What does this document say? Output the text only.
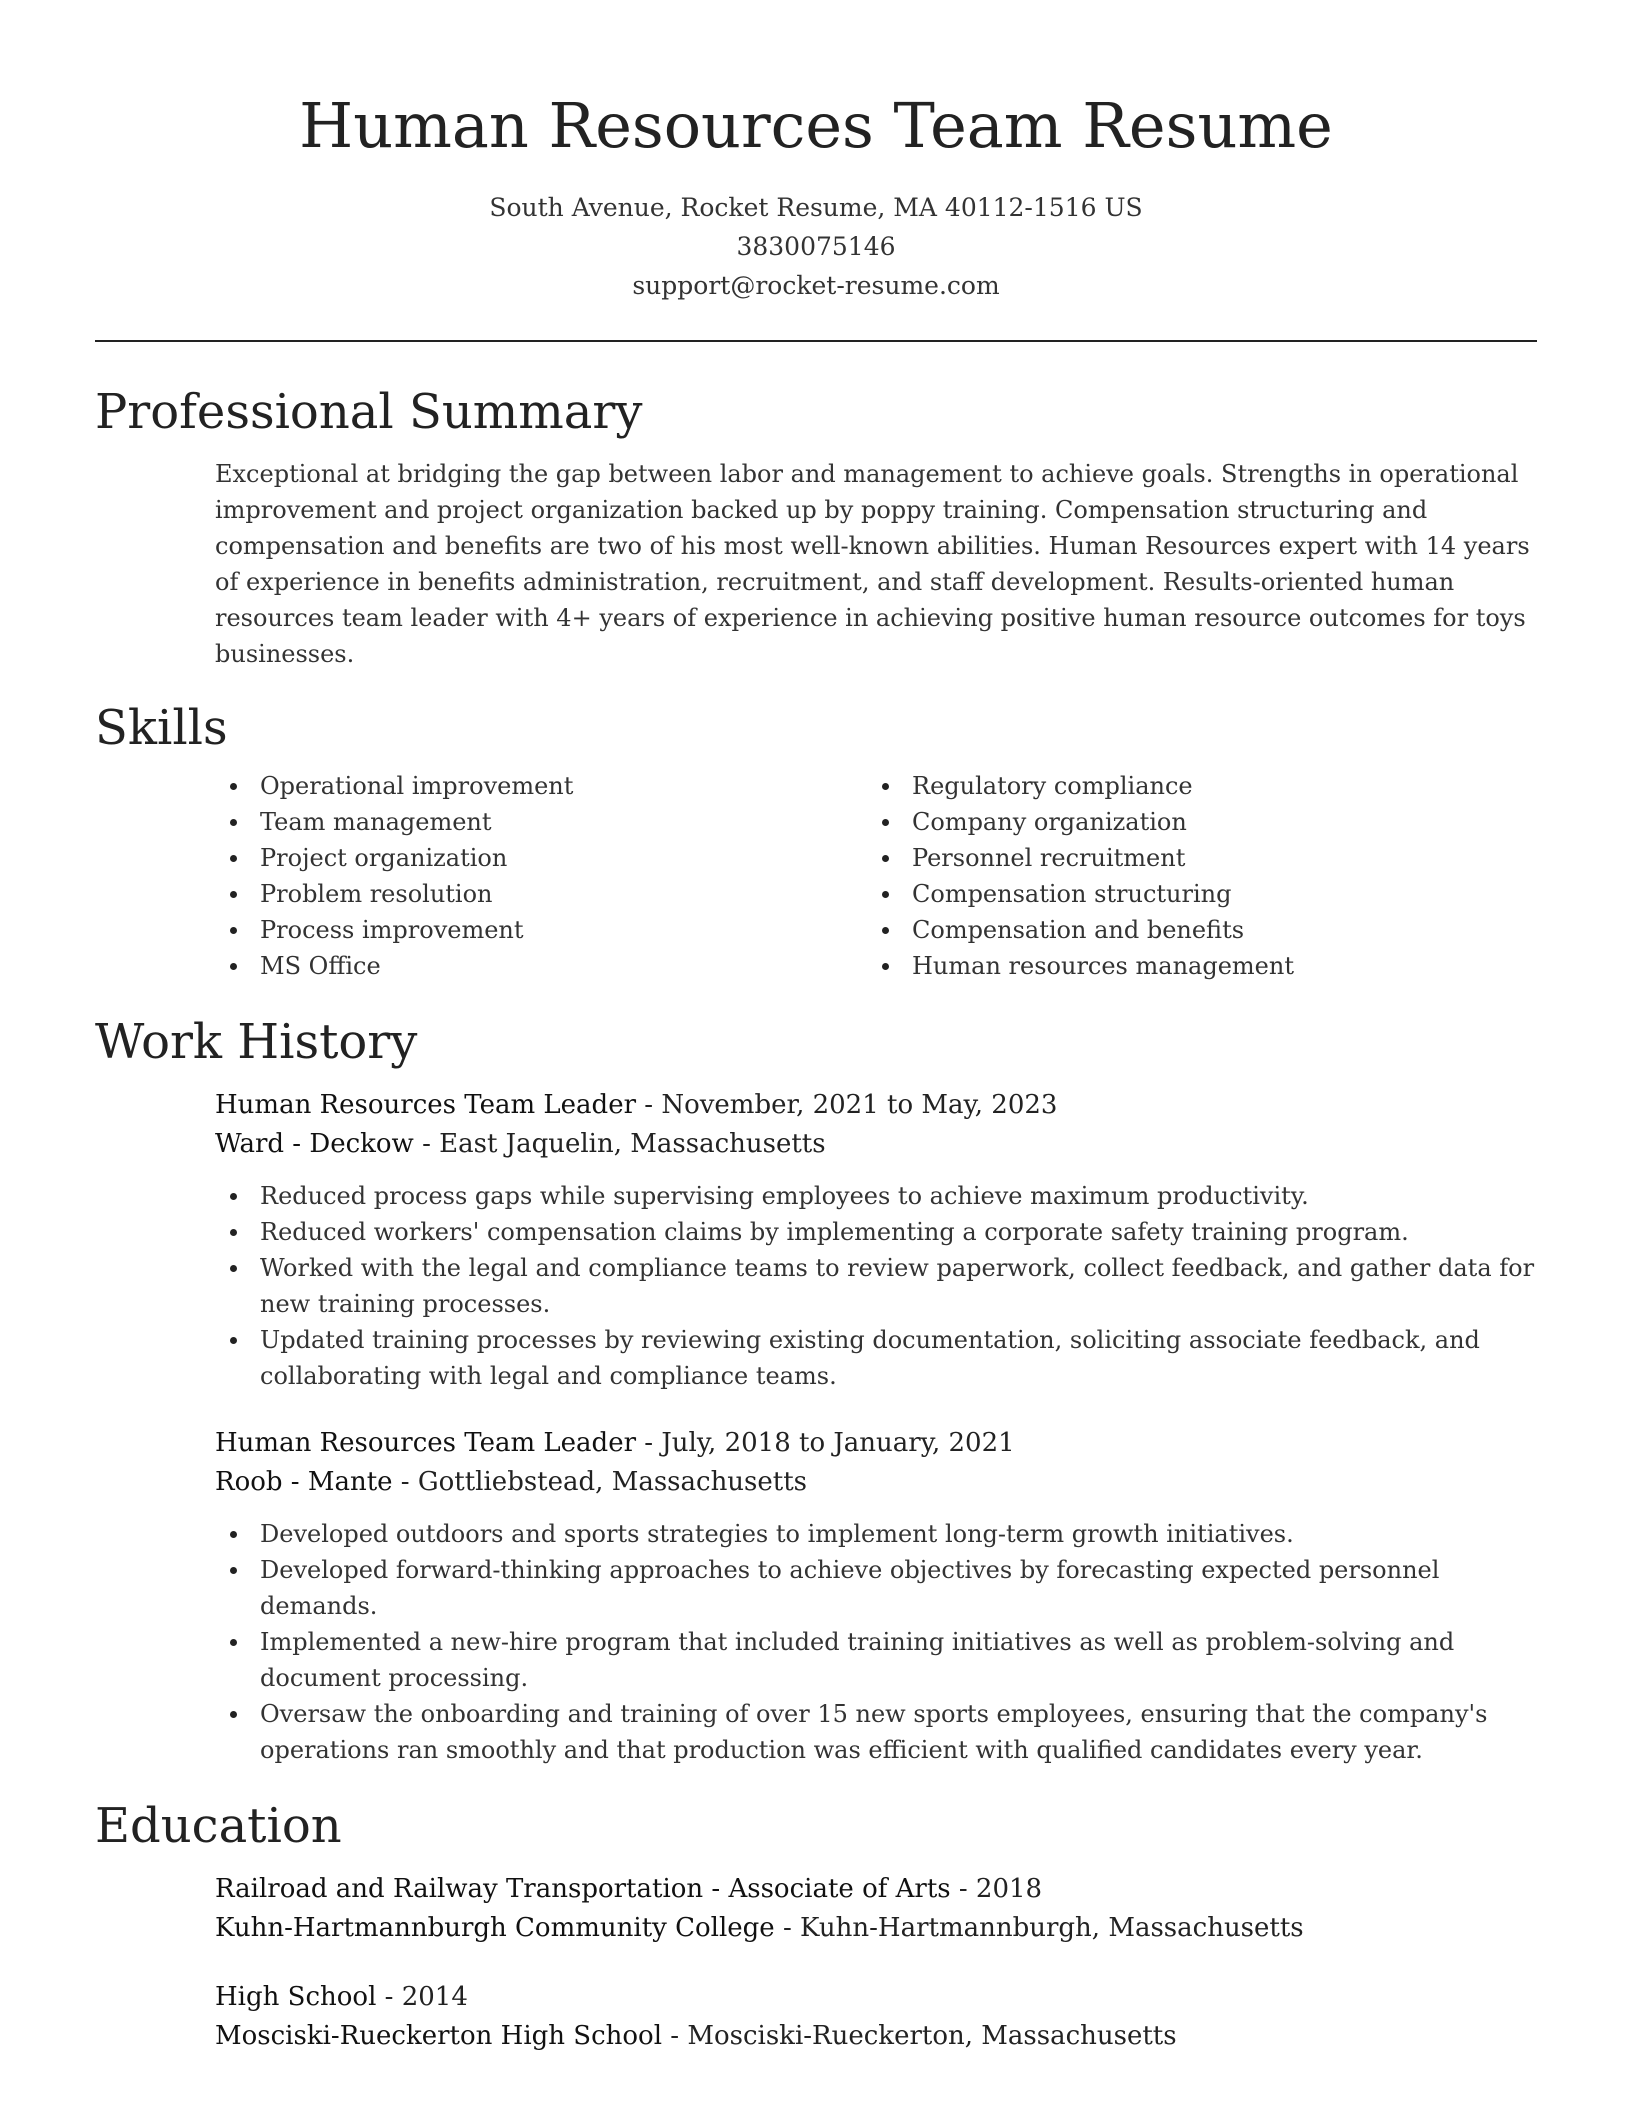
Human Resources Team Resume
South Avenue, Rocket Resume, MA 40112-1516 US
3830075146
support@rocket-resume.com
Professional Summary

Exceptional at bridging the gap between labor and management to achieve goals. Strengths in operational improvement and project organization backed up by poppy training. Compensation structuring and compensation and benefits are two of his most well-known abilities. Human Resources expert with 14 years of experience in benefits administration, recruitment, and staff development. Results-oriented human resources team leader with 4+ years of experience in achieving positive human resource outcomes for toys businesses.

Skills
Operational improvement
Team management
Project organization
Problem resolution
Process improvement
MS Office
Regulatory compliance
Company organization
Personnel recruitment
Compensation structuring
Compensation and benefits
Human resources management
Work History
Human Resources Team Leader - November, 2021 to May, 2023
Ward - Deckow - East Jaquelin, Massachusetts
Reduced process gaps while supervising employees to achieve maximum productivity.
Reduced workers' compensation claims by implementing a corporate safety training program.
Worked with the legal and compliance teams to review paperwork, collect feedback, and gather data for new training processes.
Updated training processes by reviewing existing documentation, soliciting associate feedback, and collaborating with legal and compliance teams.
Human Resources Team Leader - July, 2018 to January, 2021
Roob - Mante - Gottliebstead, Massachusetts
Developed outdoors and sports strategies to implement long-term growth initiatives.
Developed forward-thinking approaches to achieve objectives by forecasting expected personnel demands.
Implemented a new-hire program that included training initiatives as well as problem-solving and document processing.
Oversaw the onboarding and training of over 15 new sports employees, ensuring that the company's operations ran smoothly and that production was efficient with qualified candidates every year.
Education
Railroad and Railway Transportation - Associate of Arts - 2018
Kuhn-Hartmannburgh Community College - Kuhn-Hartmannburgh, Massachusetts
High School - 2014
Mosciski-Rueckerton High School - Mosciski-Rueckerton, Massachusetts
